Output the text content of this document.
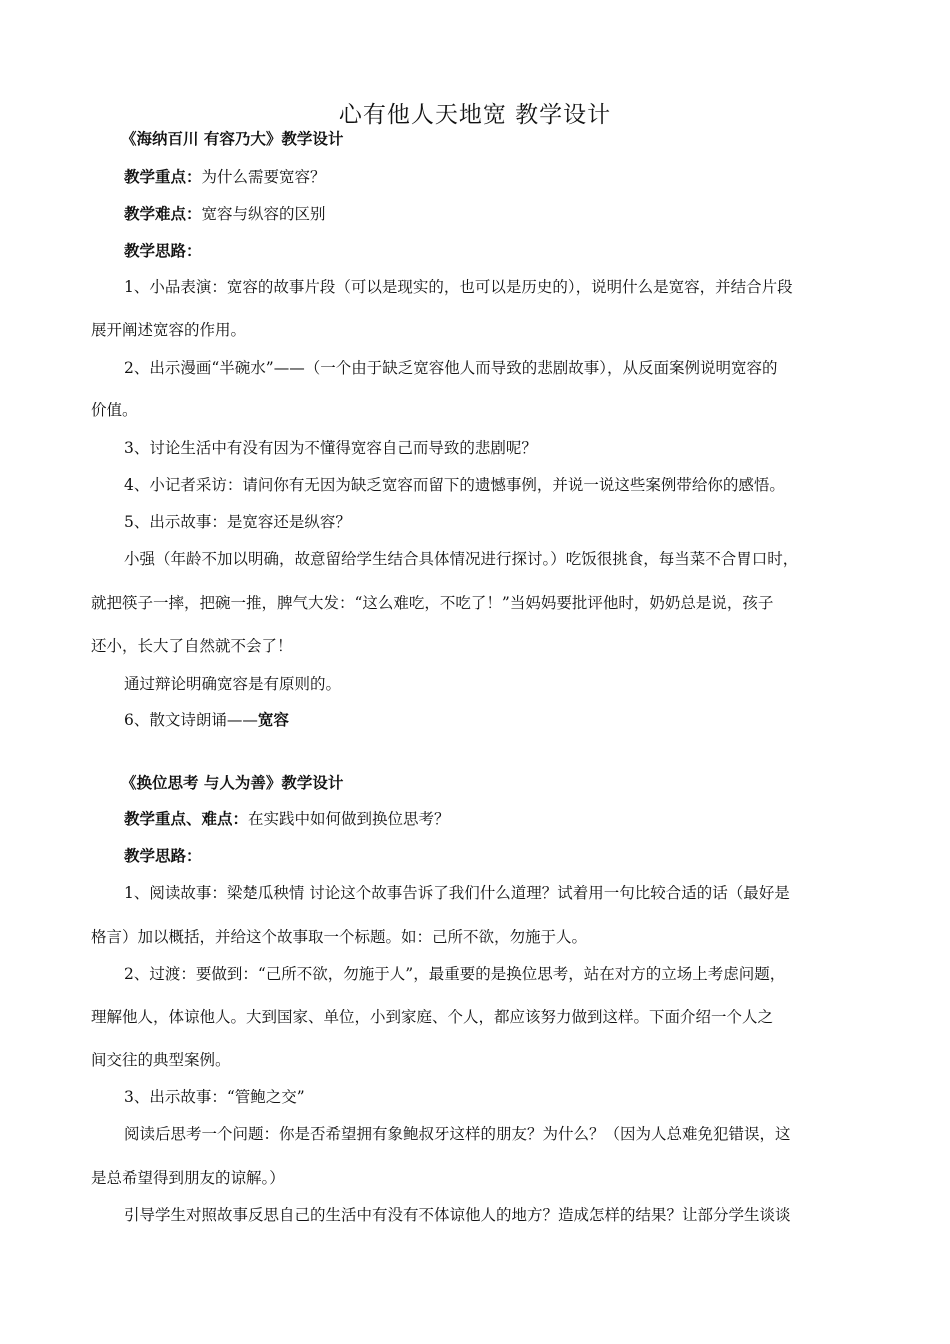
心有他人天地宽 教学设计
《海纳百川 有容乃大》教学设计
教学重点：为什么需要宽容？
教学难点：宽容与纵容的区别
教学思路：
1、小品表演：宽容的故事片段（可以是现实的，也可以是历史的），说明什么是宽容，并结合片段
展开阐述宽容的作用。
2、出示漫画“半碗水”——（一个由于缺乏宽容他人而导致的悲剧故事），从反面案例说明宽容的
价值。
3、讨论生活中有没有因为不懂得宽容自己而导致的悲剧呢？
4、小记者采访：请问你有无因为缺乏宽容而留下的遗憾事例，并说一说这些案例带给你的感悟。
5、出示故事：是宽容还是纵容？
小强（年龄不加以明确，故意留给学生结合具体情况进行探讨。）吃饭很挑食，每当菜不合胃口时，
就把筷子一摔，把碗一推，脾气大发：“这么难吃，不吃了！”当妈妈要批评他时，奶奶总是说，孩子
还小，长大了自然就不会了！
通过辩论明确宽容是有原则的。
6、散文诗朗诵——宽容
《换位思考 与人为善》教学设计
教学重点、难点：在实践中如何做到换位思考？
教学思路：
1、阅读故事：梁楚瓜秧情 讨论这个故事告诉了我们什么道理？试着用一句比较合适的话（最好是
格言）加以概括，并给这个故事取一个标题。如：己所不欲，勿施于人。
2、过渡：要做到：“己所不欲，勿施于人”，最重要的是换位思考，站在对方的立场上考虑问题，
理解他人，体谅他人。大到国家、单位，小到家庭、个人，都应该努力做到这样。下面介绍一个人之
间交往的典型案例。
3、出示故事：“管鲍之交”
阅读后思考一个问题：你是否希望拥有象鲍叔牙这样的朋友？为什么？（因为人总难免犯错误，这
是总希望得到朋友的谅解。）
引导学生对照故事反思自己的生活中有没有不体谅他人的地方？造成怎样的结果？让部分学生谈谈
